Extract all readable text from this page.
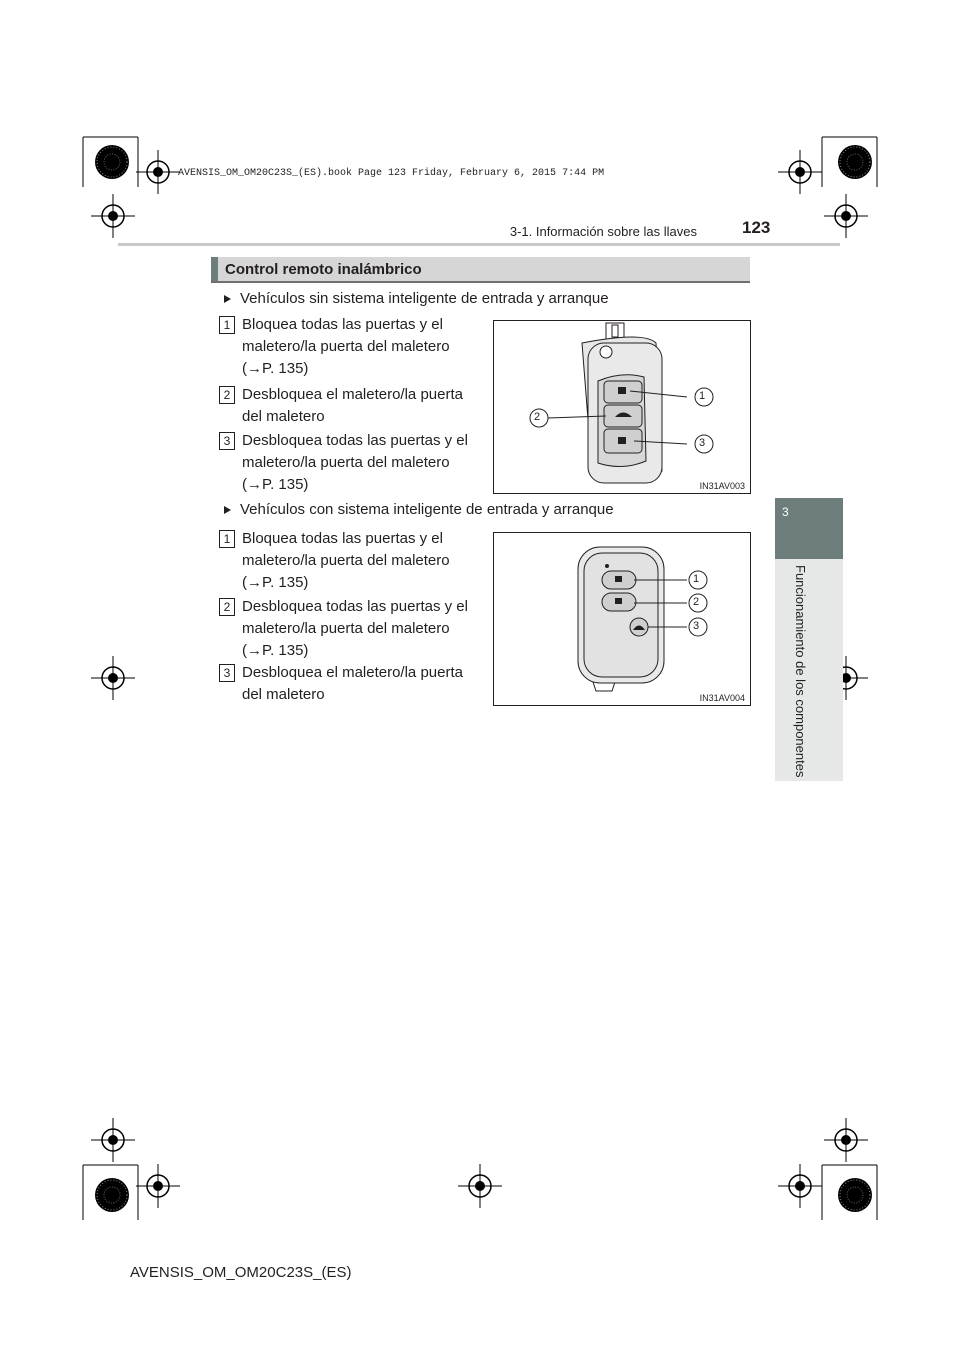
AVENSIS_OM_OM20C23S_(ES).book Page 123 Friday, February 6, 2015 7:44 PM
3-1. Información sobre las llaves	123
3
Funcionamiento de los componentes
Control remoto inalámbrico
Vehículos sin sistema inteligente de entrada y arranque
1 Bloquea todas las puertas y el
maletero/la puerta del maletero
(→P. 135)
2 Desbloquea el maletero/la puerta
del maletero
3 Desbloquea todas las puertas y el
maletero/la puerta del maletero
(→P. 135)
1
2
3
IN31AV003
Vehículos con sistema inteligente de entrada y arranque
1 Bloquea todas las puertas y el
maletero/la puerta del maletero
(→P. 135)
2 Desbloquea todas las puertas y el
maletero/la puerta del maletero
(→P. 135)
3 Desbloquea el maletero/la puerta
del maletero
1
2
3
IN31AV004
AVENSIS_OM_OM20C23S_(ES)
